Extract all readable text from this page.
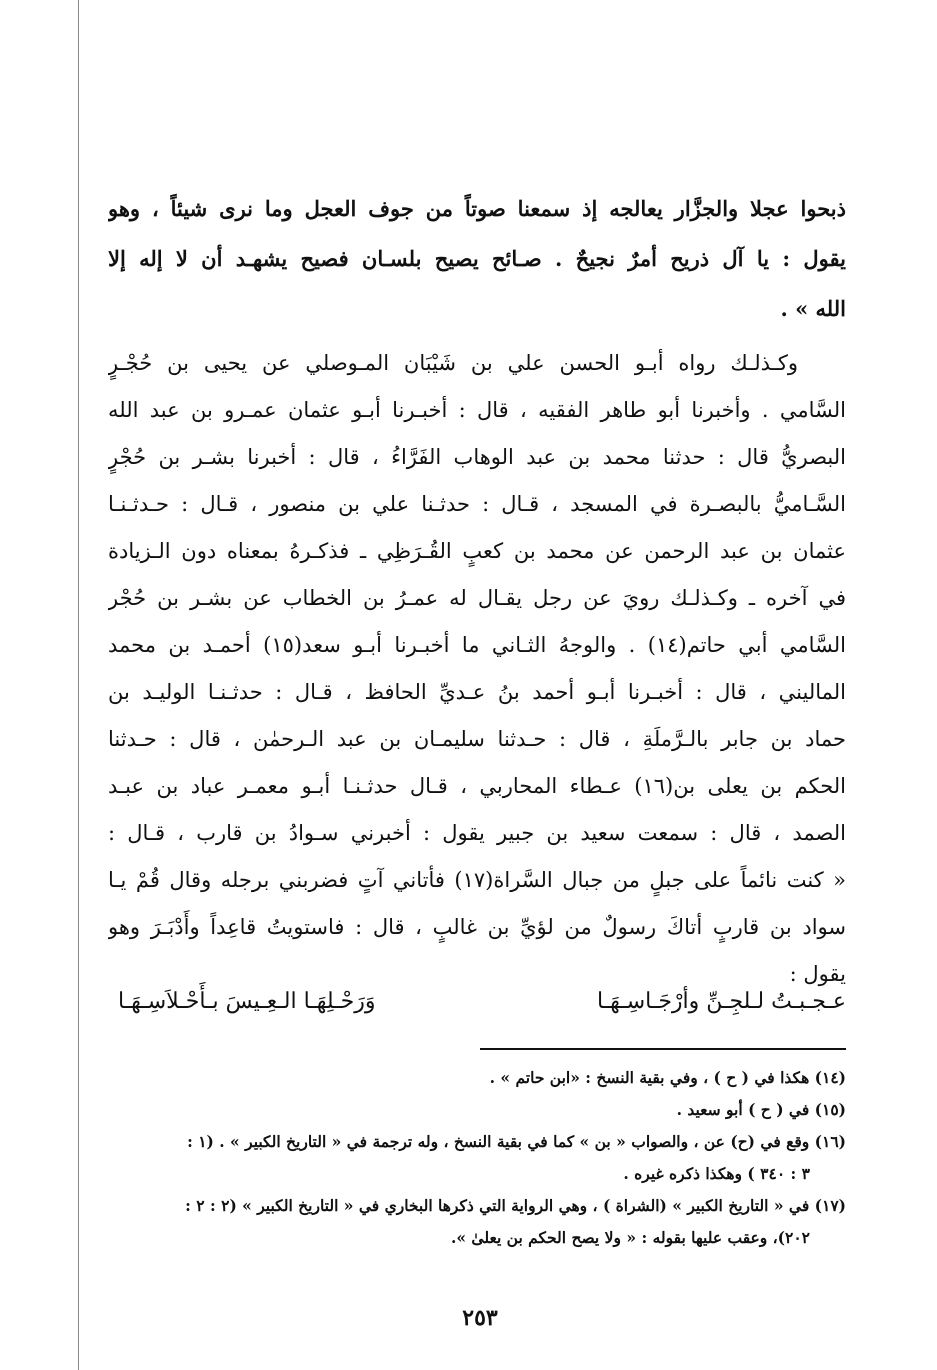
ذبحوا عجلا والجزَّار يعالجه إذ سمعنا صوتاً من جوف العجل وما نرى شيئاً ، وهو
يقول : يا آل ذريح أمرٌ نجيحٌ . صـائح يصيح بلسـان فصيح يشهـد أن لا إله إلا
الله » .
وكـذلـك رواه أبـو الحسن علي بن شَيْبَان المـوصلي عن يحيى بن حُجْـرٍ
السَّامي . وأخبرنا أبو طاهر الفقيه ، قال : أخبـرنا أبـو عثمان عمـرو بن عبد الله
البصريُّ قال : حدثنا محمد بن عبد الوهاب الفَرَّاءُ ، قال : أخبرنا بشـر بن حُجْرٍ
السَّـاميُّ بالبصـرة في المسجد ، قـال : حدثـنا علي بن منصور ، قـال : حـدثـنـا
عثمان بن عبد الرحمن عن محمد بن كعبٍ القُـرَظِي ـ فذكـرهُ بمعناه دون الـزيادة
في آخره ـ وكـذلـك رويَ عن رجل يقـال له عمـرُ بن الخطاب عن بشـر بن حُجْر
السَّامي أبي حاتم(١٤) . والوجهُ الثـاني ما أخبـرنا أبـو سعد(١٥) أحمـد بن محمد
الماليني ، قال : أخبـرنا أبـو أحمد بنُ عـديِّ الحافظ ، قـال : حدثـنـا الوليـد بن
حماد بن جابر بالـرَّملَةِ ، قال : حـدثنا سليمـان بن عبد الـرحمٰن ، قال : حـدثنا
الحكم بن يعلى بن(١٦) عـطاء المحاربي ، قـال حدثـنـا أبـو معمـر عباد بن عبـد
الصمد ، قال : سمعت سعيد بن جبير يقول : أخبرني سـوادُ بن قارب ، قـال :
« كنت نائماً على جبلٍ من جبال السَّراة(١٧) فأتاني آتٍ فضربني برجله وقال قُمْ يـا
سواد بن قاربٍ أتاكَ رسولٌ من لؤيِّ بن غالبٍ ، قال : فاستويتُ قاعِداً وأَدْبَـرَ وهو
يقول :
عـجـبـتُ لـلجِـنِّ وأرْجَـاسِـهَـا
وَرَحْـلِهَـا الـعِـيسَ بـأَحْـلاَسِـهَـا
(١٤) هكذا في ( ح ) ، وفي بقية النسخ : «ابن حاتم » .
(١٥) في ( ح ) أبو سعيد .
(١٦) وقع في (ح) عن ، والصواب « بن » كما في بقية النسخ ، وله ترجمة في « التاريخ الكبير » . (١ :
٣ : ٣٤٠ ) وهكذا ذكره غيره .
(١٧) في « التاريخ الكبير » (الشراة ) ، وهي الرواية التي ذكرها البخاري في « التاريخ الكبير » (٢ : ٢ :
٢٠٢)، وعقب عليها بقوله : « ولا يصح الحكم بن يعلىٰ ».
٢٥٣
